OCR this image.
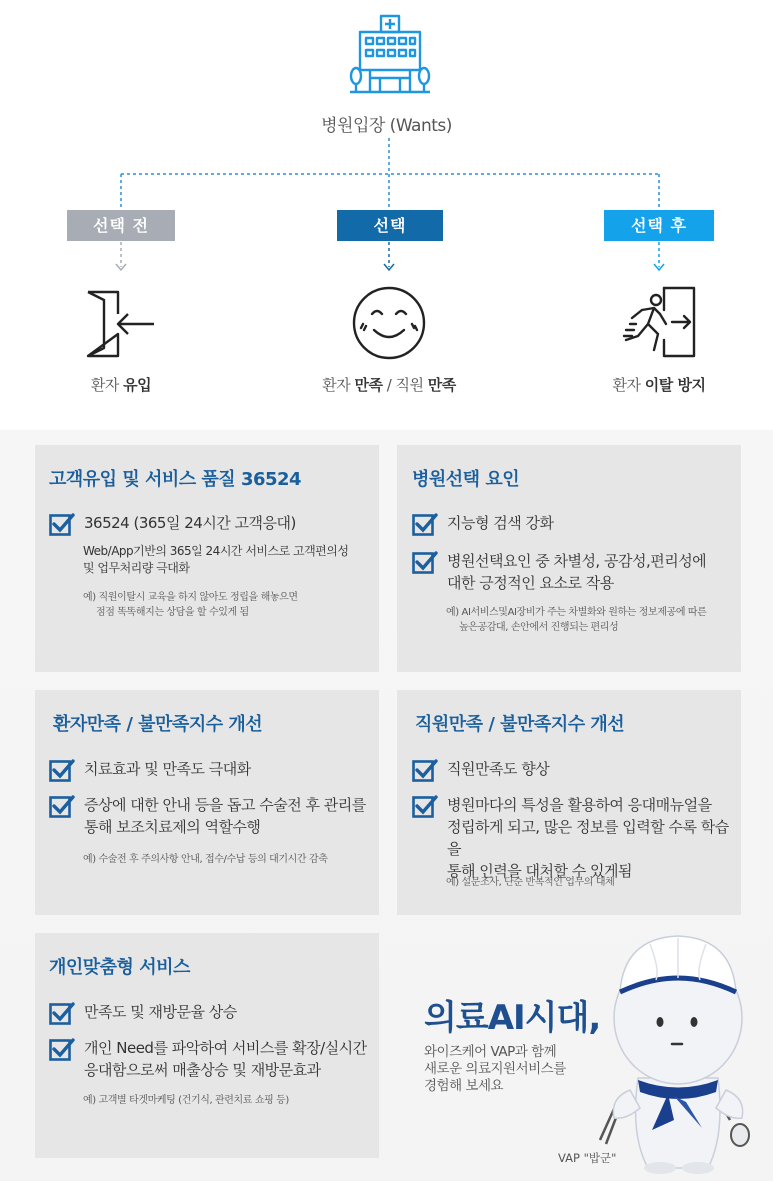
병원입장 (Wants)
선택 전	선택	선택 후
환자 유입	환자 만족 / 직원 만족	환자 이탈 방지
고객유입 및 서비스 품질 36524
36524 (365일 24시간 고객응대)
Web/App기반의 365일 24시간 서비스로 고객편의성
및 업무처리량 극대화
예) 직원이탈시 교육을 하지 않아도 정립을 해놓으면
점점 똑똑해지는 상담을 할 수있게 됨
병원선택 요인
지능형 검색 강화
병원선택요인 중 차별성, 공감성,편리성에
대한 긍정적인 요소로 작용
예) AI서비스및AI장비가 주는 차별화와 원하는 정보제공에 따른
높은공감대, 손안에서 진행되는 편리성
환자만족 / 불만족지수 개선
치료효과 및 만족도 극대화
증상에 대한 안내 등을 돕고 수술전 후 관리를
통해 보조치료제의 역할수행
예) 수술전 후 주의사항 안내, 접수/수납 등의 대기시간 감축
직원만족 / 불만족지수 개선
직원만족도 향상
병원마다의 특성을 활용하여 응대매뉴얼을
정립하게 되고, 많은 정보를 입력할 수록 학습을
통해 인력을 대처할 수 있게됨
예) 설문조사, 단순 반복적인 업무의 대체
개인맞춤형 서비스
만족도 및 재방문율 상승
개인 Need를 파악하여 서비스를 확장/실시간
응대함으로써 매출상승 및 재방문효과
예) 고객별 타겟마케팅 (건기식, 관련치료 쇼핑 등)
의료AI시대,
와이즈케어 VAP과 함께
새로운 의료지원서비스를
경험해 보세요
VAP "밥군"
